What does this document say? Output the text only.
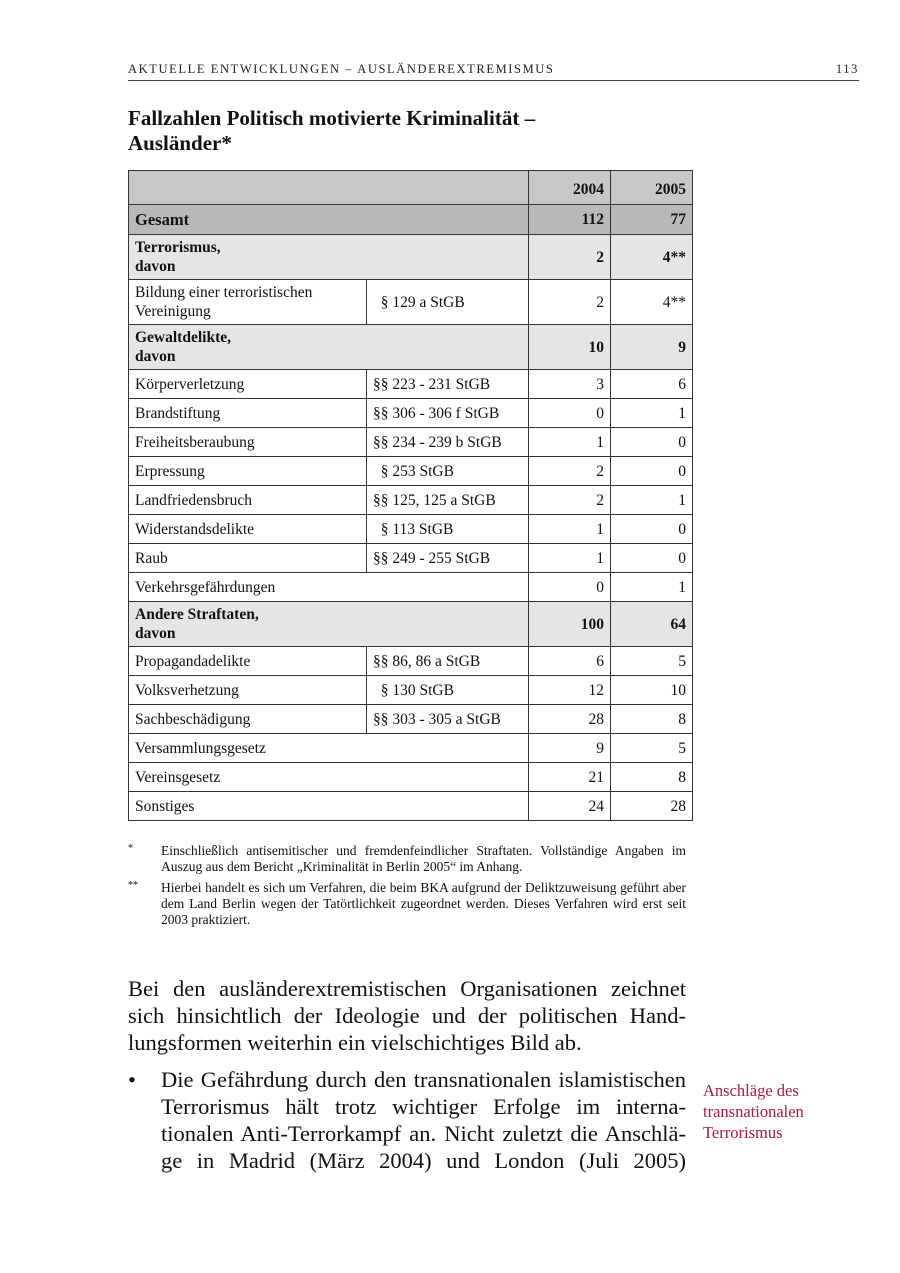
AKTUELLE ENTWICKLUNGEN – AUSLÄNDEREXTREMISMUS	113
Fallzahlen Politisch motivierte Kriminalität –
Ausländer*
		2004	2005
Gesamt		112	77
Terrorismus,
davon		2	4**
Bildung einer terroristischen
Vereinigung	§ 129 a StGB	2	4**
Gewaltdelikte,
davon		10	9
Körperverletzung	§§ 223 - 231 StGB	3	6
Brandstiftung	§§ 306 - 306 f StGB	0	1
Freiheitsberaubung	§§ 234 - 239 b StGB	1	0
Erpressung	§ 253 StGB	2	0
Landfriedensbruch	§§ 125, 125 a StGB	2	1
Widerstandsdelikte	§ 113 StGB	1	0
Raub	§§ 249 - 255 StGB	1	0
Verkehrsgefährdungen		0	1
Andere Straftaten,
davon		100	64
Propagandadelikte	§§ 86, 86 a StGB	6	5
Volksverhetzung	§ 130 StGB	12	10
Sachbeschädigung	§§ 303 - 305 a StGB	28	8
Versammlungsgesetz		9	5
Vereinsgesetz		21	8
Sonstiges		24	28
* Einschließlich antisemitischer und fremdenfeindlicher Straftaten. Vollständige Angaben im Auszug aus dem Bericht „Kriminalität in Berlin 2005“ im Anhang.
** Hierbei handelt es sich um Verfahren, die beim BKA aufgrund der Deliktzuweisung geführt aber dem Land Berlin wegen der Tatörtlichkeit zugeordnet werden. Dieses Verfahren wird erst seit 2003 praktiziert.
Bei den ausländerextremistischen Organisationen zeichnet sich hinsichtlich der Ideologie und der politischen Hand-lungsformen weiterhin ein vielschichtiges Bild ab.
• Die Gefährdung durch den transnationalen islamistischen
Terrorismus hält trotz wichtiger Erfolge im interna-
tionalen Anti-Terrorkampf an. Nicht zuletzt die Anschlä-
ge in Madrid (März 2004) und London (Juli 2005)
Anschläge des
transnationalen
Terrorismus
